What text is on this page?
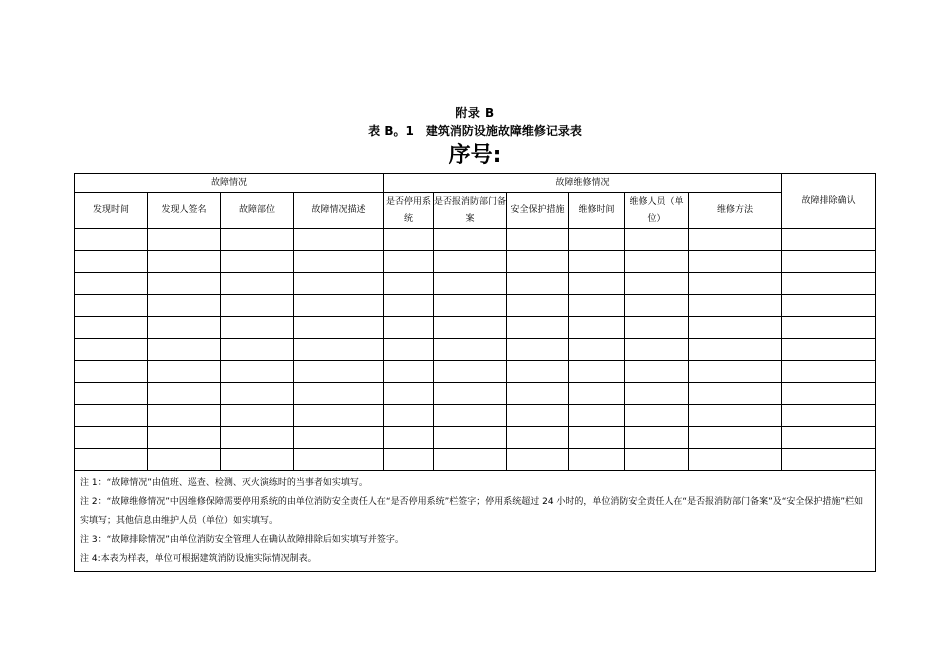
附录 B
表 B。1　建筑消防设施故障维修记录表
序号:
故障情况				故障维修情况						故障排除确认
发现时间	发现人签名	故障部位	故障情况描述	是否停用系统	是否报消防部门备案	安全保护措施	维修时间	维修人员（单位）	维修方法	

注 1：“故障情况”由值班、巡查、检测、灭火演练时的当事者如实填写。
注 2：“故障维修情况”中因维修保障需要停用系统的由单位消防安全责任人在“是否停用系统”栏签字；停用系统超过 24 小时的，单位消防安全责任人在“是否报消防部门备案”及“安全保护措施”栏如实填写；其他信息由维护人员（单位）如实填写。
注 3：“故障排除情况”由单位消防安全管理人在确认故障排除后如实填写并签字。
注 4:本表为样表，单位可根据建筑消防设施实际情况制表。										
